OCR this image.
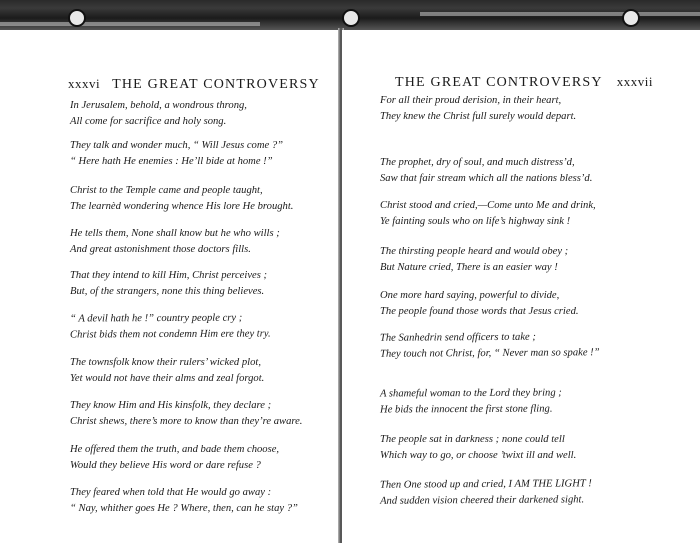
xxxvi THE GREAT CONTROVERSY
In Jerusalem, behold, a wondrous throng,
All come for sacrifice and holy song.
They talk and wonder much, “ Will Jesus come ?”
“ Here hath He enemies : He’ll bide at home !”
Christ to the Temple came and people taught,
The learnèd wondering whence His lore He brought.
He tells them, None shall know but he who wills ;
And great astonishment those doctors fills.
That they intend to kill Him, Christ perceives ;
But, of the strangers, none this thing believes.
“ A devil hath he !” country people cry ;
Christ bids them not condemn Him ere they try.
The townsfolk know their rulers’ wicked plot,
Yet would not have their alms and zeal forgot.
They know Him and His kinsfolk, they declare ;
Christ shews, there’s more to know than they’re aware.
He offered them the truth, and bade them choose,
Would they believe His word or dare refuse ?
They feared when told that He would go away :
“ Nay, whither goes He ? Where, then, can he stay ?”
THE GREAT CONTROVERSY xxxvii
For all their proud derision, in their heart,
They knew the Christ full surely would depart.
The prophet, dry of soul, and much distress’d,
Saw that fair stream which all the nations bless’d.
Christ stood and cried,—Come unto Me and drink,
Ye fainting souls who on life’s highway sink !
The thirsting people heard and would obey ;
But Nature cried, There is an easier way !
One more hard saying, powerful to divide,
The people found those words that Jesus cried.
The Sanhedrin send officers to take ;
They touch not Christ, for, “ Never man so spake !”
A shameful woman to the Lord they bring ;
He bids the innocent the first stone fling.
The people sat in darkness ; none could tell
Which way to go, or choose ’twixt ill and well.
Then One stood up and cried, I AM THE LIGHT !
And sudden vision cheered their darkened sight.
